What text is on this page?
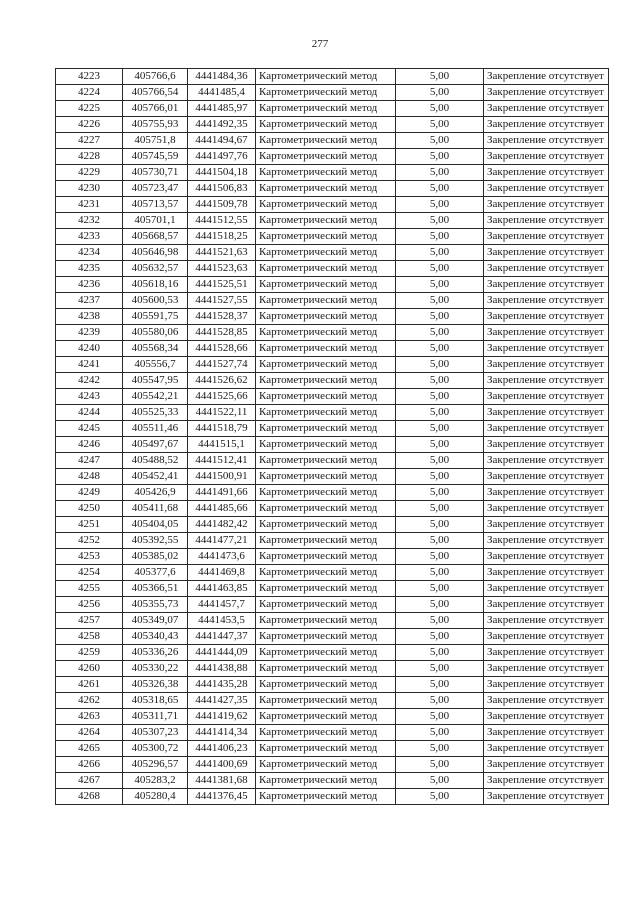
277
4223	405766,6	4441484,36	Картометрический метод	5,00	Закрепление отсутствует
4224	405766,54	4441485,4	Картометрический метод	5,00	Закрепление отсутствует
4225	405766,01	4441485,97	Картометрический метод	5,00	Закрепление отсутствует
4226	405755,93	4441492,35	Картометрический метод	5,00	Закрепление отсутствует
4227	405751,8	4441494,67	Картометрический метод	5,00	Закрепление отсутствует
4228	405745,59	4441497,76	Картометрический метод	5,00	Закрепление отсутствует
4229	405730,71	4441504,18	Картометрический метод	5,00	Закрепление отсутствует
4230	405723,47	4441506,83	Картометрический метод	5,00	Закрепление отсутствует
4231	405713,57	4441509,78	Картометрический метод	5,00	Закрепление отсутствует
4232	405701,1	4441512,55	Картометрический метод	5,00	Закрепление отсутствует
4233	405668,57	4441518,25	Картометрический метод	5,00	Закрепление отсутствует
4234	405646,98	4441521,63	Картометрический метод	5,00	Закрепление отсутствует
4235	405632,57	4441523,63	Картометрический метод	5,00	Закрепление отсутствует
4236	405618,16	4441525,51	Картометрический метод	5,00	Закрепление отсутствует
4237	405600,53	4441527,55	Картометрический метод	5,00	Закрепление отсутствует
4238	405591,75	4441528,37	Картометрический метод	5,00	Закрепление отсутствует
4239	405580,06	4441528,85	Картометрический метод	5,00	Закрепление отсутствует
4240	405568,34	4441528,66	Картометрический метод	5,00	Закрепление отсутствует
4241	405556,7	4441527,74	Картометрический метод	5,00	Закрепление отсутствует
4242	405547,95	4441526,62	Картометрический метод	5,00	Закрепление отсутствует
4243	405542,21	4441525,66	Картометрический метод	5,00	Закрепление отсутствует
4244	405525,33	4441522,11	Картометрический метод	5,00	Закрепление отсутствует
4245	405511,46	4441518,79	Картометрический метод	5,00	Закрепление отсутствует
4246	405497,67	4441515,1	Картометрический метод	5,00	Закрепление отсутствует
4247	405488,52	4441512,41	Картометрический метод	5,00	Закрепление отсутствует
4248	405452,41	4441500,91	Картометрический метод	5,00	Закрепление отсутствует
4249	405426,9	4441491,66	Картометрический метод	5,00	Закрепление отсутствует
4250	405411,68	4441485,66	Картометрический метод	5,00	Закрепление отсутствует
4251	405404,05	4441482,42	Картометрический метод	5,00	Закрепление отсутствует
4252	405392,55	4441477,21	Картометрический метод	5,00	Закрепление отсутствует
4253	405385,02	4441473,6	Картометрический метод	5,00	Закрепление отсутствует
4254	405377,6	4441469,8	Картометрический метод	5,00	Закрепление отсутствует
4255	405366,51	4441463,85	Картометрический метод	5,00	Закрепление отсутствует
4256	405355,73	4441457,7	Картометрический метод	5,00	Закрепление отсутствует
4257	405349,07	4441453,5	Картометрический метод	5,00	Закрепление отсутствует
4258	405340,43	4441447,37	Картометрический метод	5,00	Закрепление отсутствует
4259	405336,26	4441444,09	Картометрический метод	5,00	Закрепление отсутствует
4260	405330,22	4441438,88	Картометрический метод	5,00	Закрепление отсутствует
4261	405326,38	4441435,28	Картометрический метод	5,00	Закрепление отсутствует
4262	405318,65	4441427,35	Картометрический метод	5,00	Закрепление отсутствует
4263	405311,71	4441419,62	Картометрический метод	5,00	Закрепление отсутствует
4264	405307,23	4441414,34	Картометрический метод	5,00	Закрепление отсутствует
4265	405300,72	4441406,23	Картометрический метод	5,00	Закрепление отсутствует
4266	405296,57	4441400,69	Картометрический метод	5,00	Закрепление отсутствует
4267	405283,2	4441381,68	Картометрический метод	5,00	Закрепление отсутствует
4268	405280,4	4441376,45	Картометрический метод	5,00	Закрепление отсутствует
